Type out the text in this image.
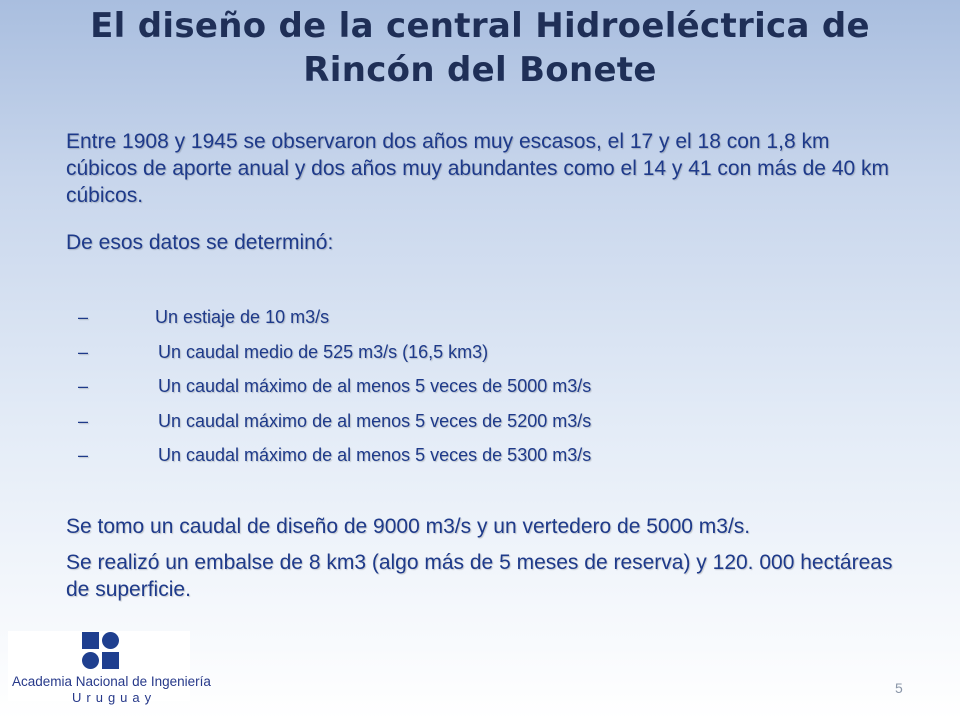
El diseño de la central Hidroeléctrica de
Rincón del Bonete
Entre 1908 y 1945 se observaron dos años muy escasos, el 17 y el 18 con 1,8 km cúbicos de aporte anual y dos años muy abundantes como el 14 y 41 con más de 40 km cúbicos.
De esos datos se determinó:
–	Un estiaje de 10 m3/s
–	Un caudal medio de 525 m3/s (16,5 km3)
–	Un caudal máximo de al menos 5 veces de 5000 m3/s
–	Un caudal máximo de al menos 5 veces de 5200 m3/s
–	Un caudal máximo de al menos 5 veces de 5300 m3/s
Se tomo un caudal de diseño de 9000 m3/s y un vertedero de 5000 m3/s.
Se realizó un embalse de 8 km3 (algo más de 5 meses de reserva) y 120. 000 hectáreas de superficie.
Academia Nacional de Ingeniería
Uruguay
5
